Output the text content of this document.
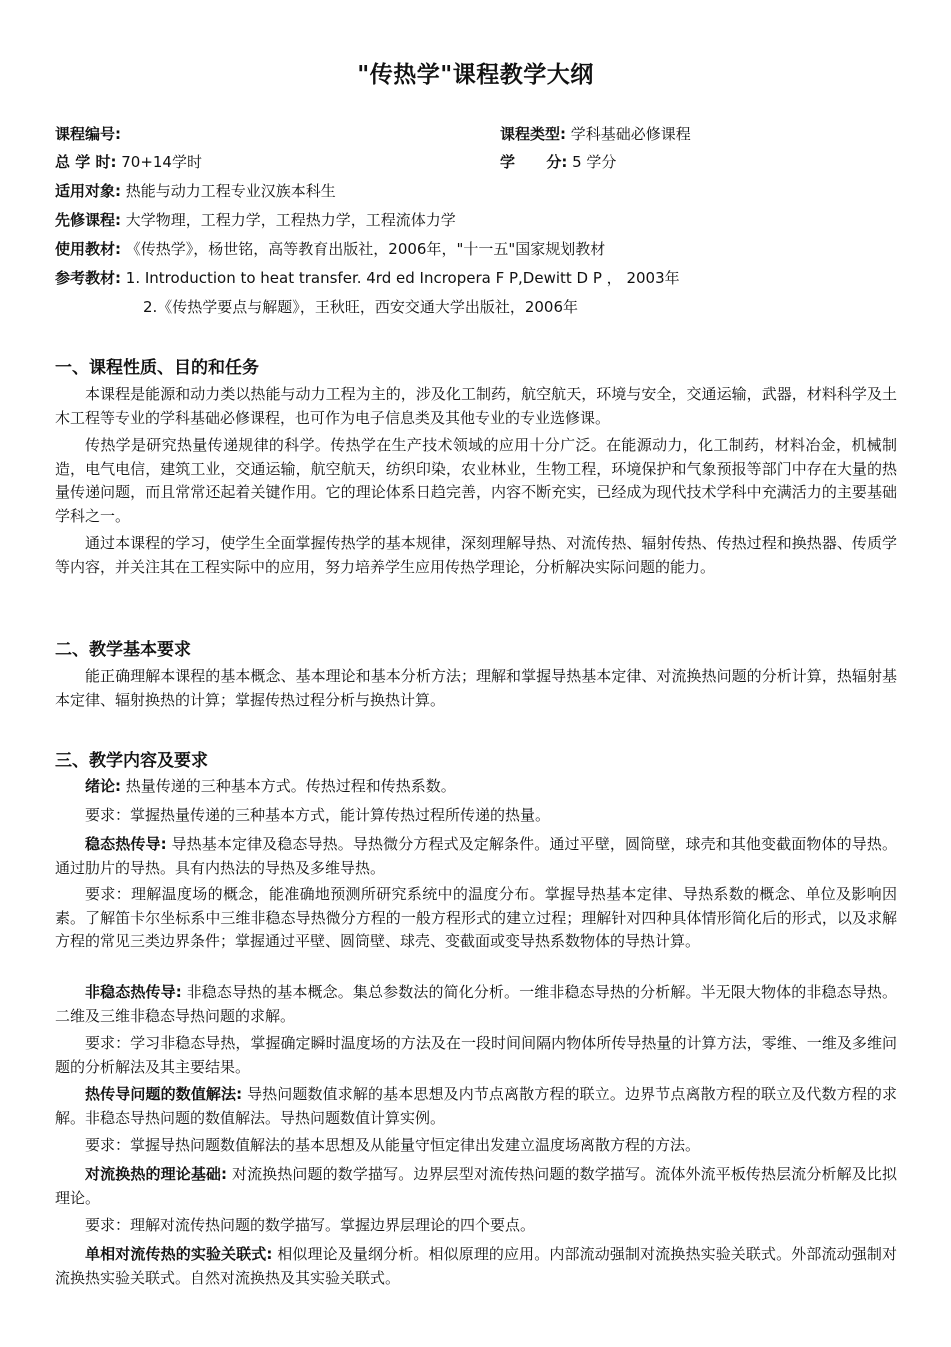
"传热学"课程教学大纲
课程编号:	课程类型: 学科基础必修课程
总 学 时: 70+14学时	学      分: 5 学分
适用对象: 热能与动力工程专业汉族本科生
先修课程: 大学物理，工程力学，工程热力学，工程流体力学
使用教材: 《传热学》，杨世铭，高等教育出版社，2006年，"十一五"国家规划教材
参考教材: 1. Introduction to heat transfer. 4rd ed Incropera F P,Dewitt D P ， 2003年
2.《传热学要点与解题》，王秋旺，西安交通大学出版社，2006年
一、课程性质、目的和任务

本课程是能源和动力类以热能与动力工程为主的，涉及化工制药，航空航天，环境与安全，交通运输，武器，材料科学及土木工程等专业的学科基础必修课程，也可作为电子信息类及其他专业的专业选修课。

传热学是研究热量传递规律的科学。传热学在生产技术领域的应用十分广泛。在能源动力，化工制药，材料冶金，机械制造，电气电信，建筑工业，交通运输，航空航天，纺织印染，农业林业，生物工程，环境保护和气象预报等部门中存在大量的热量传递问题，而且常常还起着关键作用。它的理论体系日趋完善，内容不断充实，已经成为现代技术学科中充满活力的主要基础学科之一。

通过本课程的学习，使学生全面掌握传热学的基本规律，深刻理解导热、对流传热、辐射传热、传热过程和换热器、传质学等内容，并关注其在工程实际中的应用，努力培养学生应用传热学理论，分析解决实际问题的能力。

二、教学基本要求

能正确理解本课程的基本概念、基本理论和基本分析方法；理解和掌握导热基本定律、对流换热问题的分析计算，热辐射基本定律、辐射换热的计算；掌握传热过程分析与换热计算。

三、教学内容及要求

绪论: 热量传递的三种基本方式。传热过程和传热系数。

要求：掌握热量传递的三种基本方式，能计算传热过程所传递的热量。

稳态热传导: 导热基本定律及稳态导热。导热微分方程式及定解条件。通过平壁，圆筒壁，球壳和其他变截面物体的导热。通过肋片的导热。具有内热法的导热及多维导热。

要求：理解温度场的概念，能准确地预测所研究系统中的温度分布。掌握导热基本定律、导热系数的概念、单位及影响因素。了解笛卡尔坐标系中三维非稳态导热微分方程的一般方程形式的建立过程；理解针对四种具体情形简化后的形式，以及求解方程的常见三类边界条件；掌握通过平壁、圆筒壁、球壳、变截面或变导热系数物体的导热计算。

非稳态热传导: 非稳态导热的基本概念。集总参数法的简化分析。一维非稳态导热的分析解。半无限大物体的非稳态导热。二维及三维非稳态导热问题的求解。

要求：学习非稳态导热，掌握确定瞬时温度场的方法及在一段时间间隔内物体所传导热量的计算方法，零维、一维及多维问题的分析解法及其主要结果。

热传导问题的数值解法: 导热问题数值求解的基本思想及内节点离散方程的联立。边界节点离散方程的联立及代数方程的求解。非稳态导热问题的数值解法。导热问题数值计算实例。

要求：掌握导热问题数值解法的基本思想及从能量守恒定律出发建立温度场离散方程的方法。

对流换热的理论基础: 对流换热问题的数学描写。边界层型对流传热问题的数学描写。流体外流平板传热层流分析解及比拟理论。

要求：理解对流传热问题的数学描写。掌握边界层理论的四个要点。

单相对流传热的实验关联式: 相似理论及量纲分析。相似原理的应用。内部流动强制对流换热实验关联式。外部流动强制对流换热实验关联式。自然对流换热及其实验关联式。
